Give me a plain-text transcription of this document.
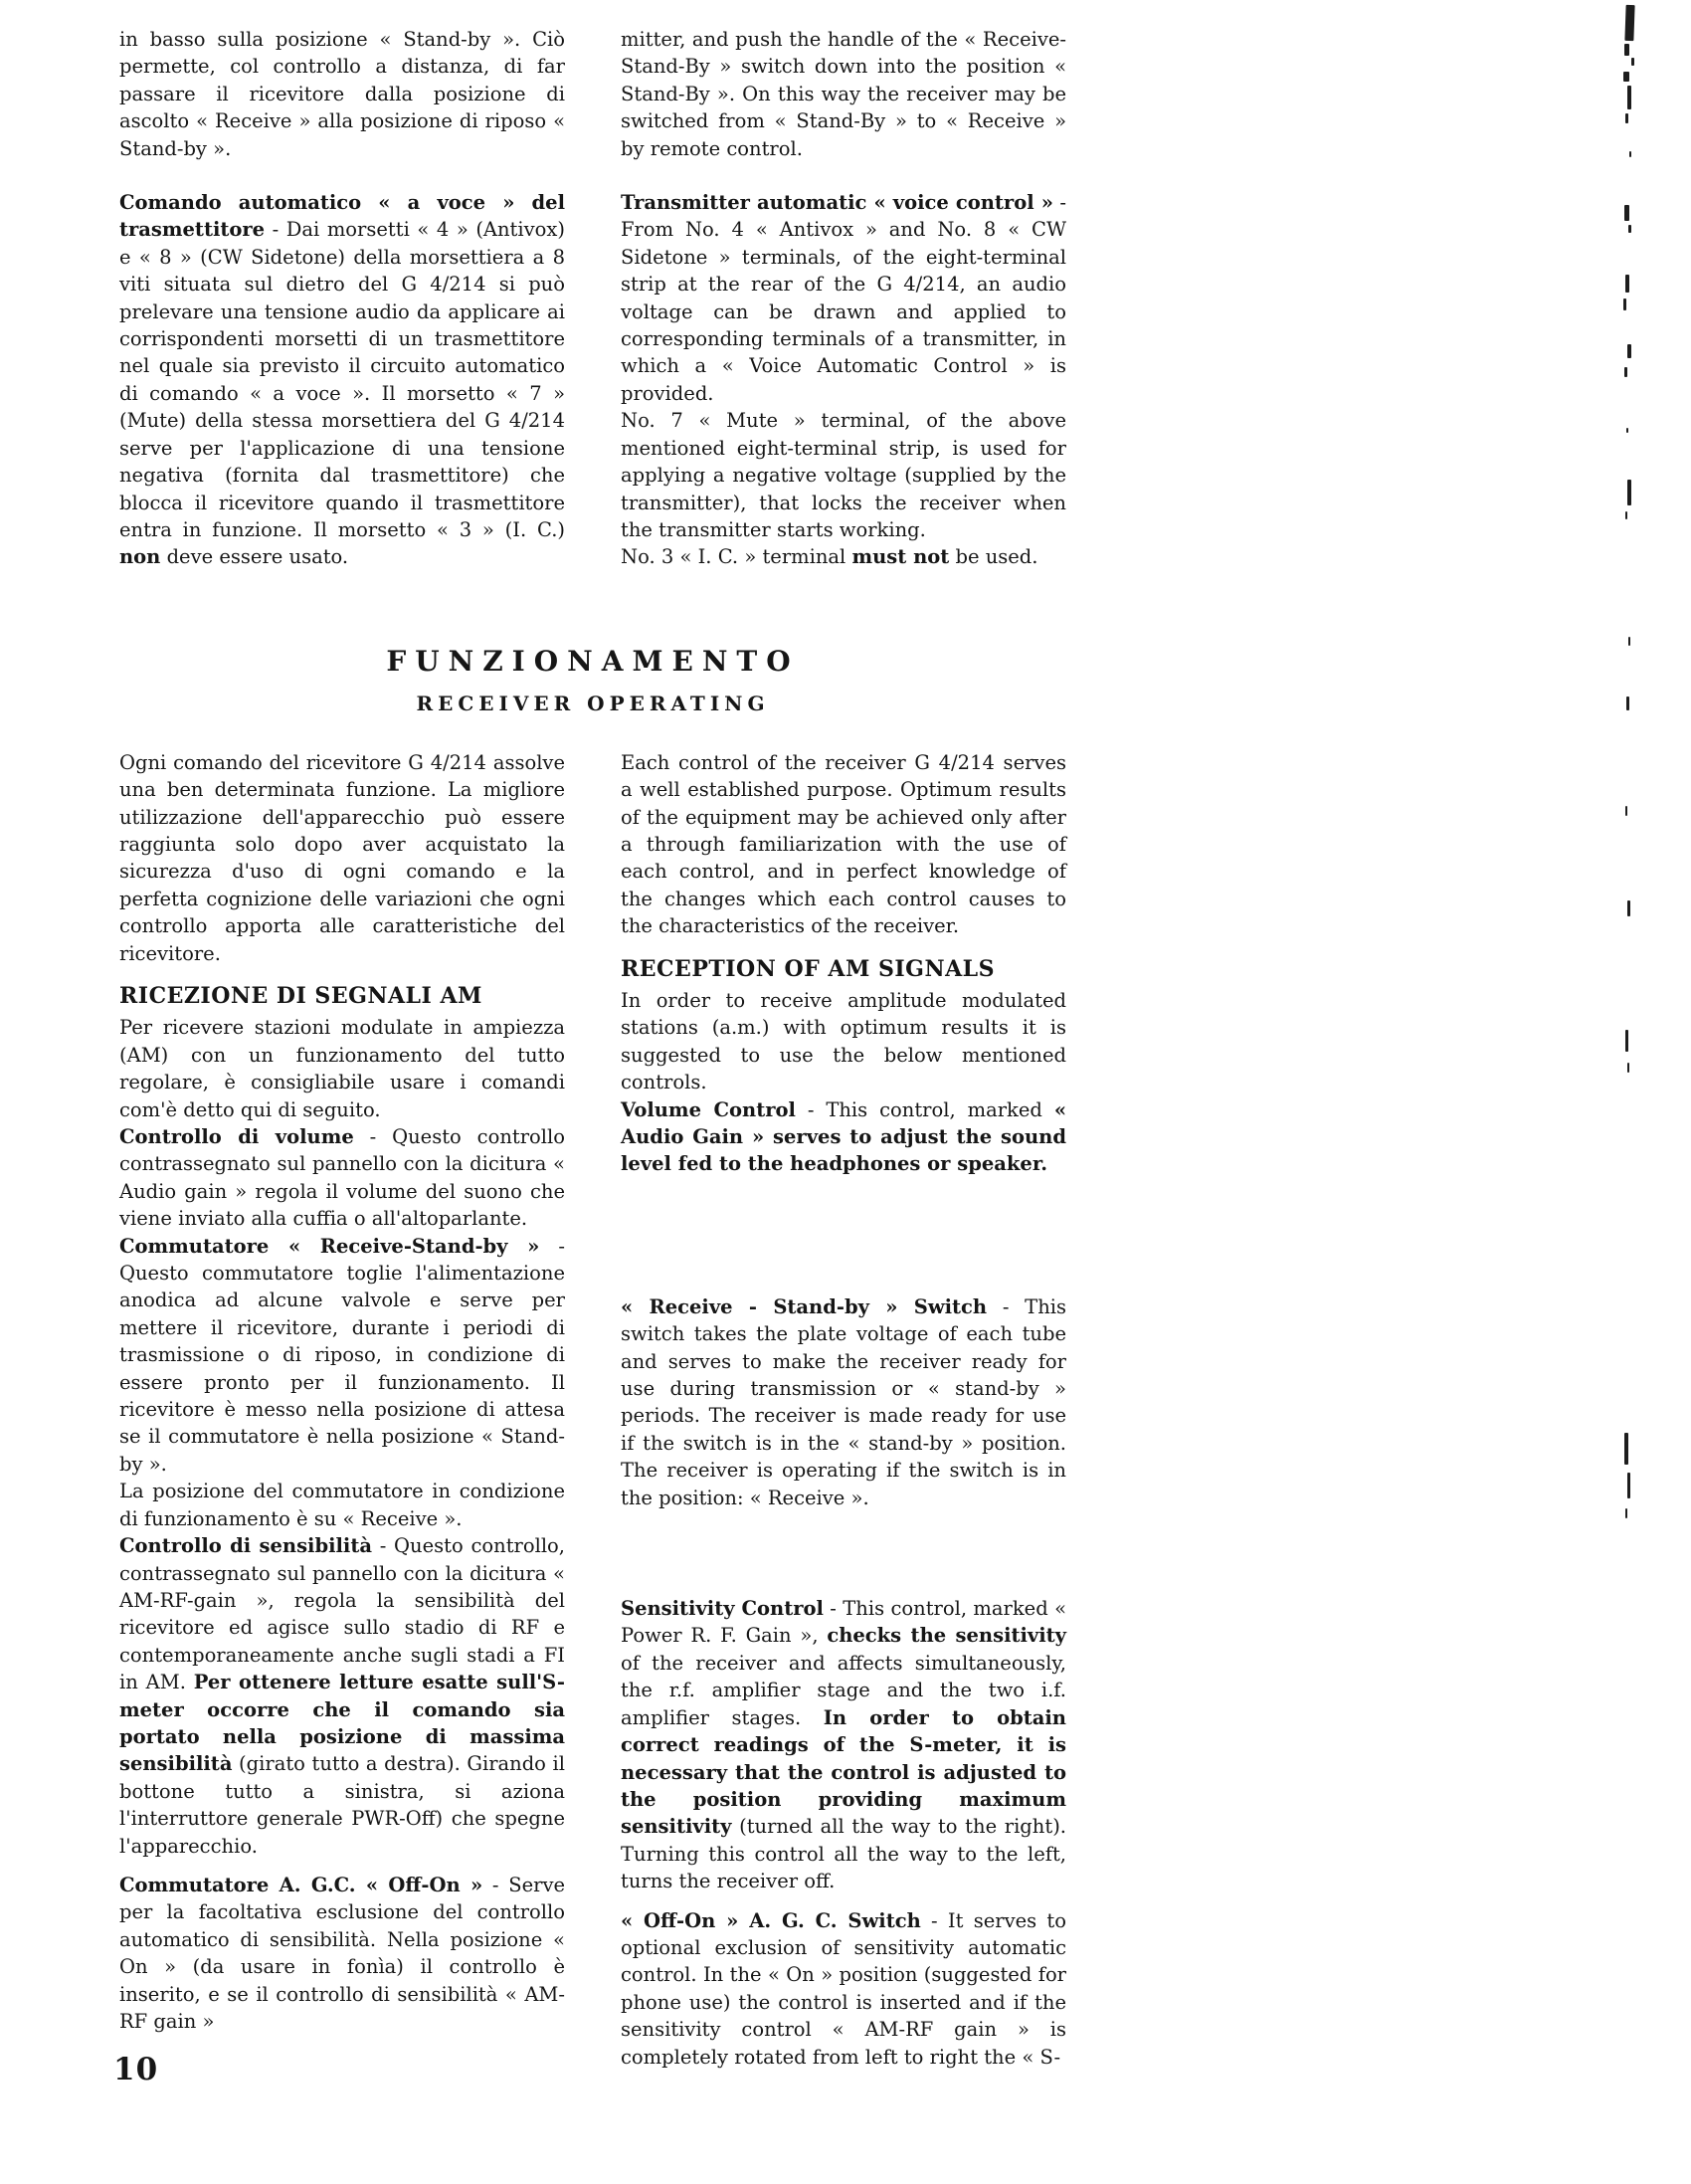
in basso sulla posizione « Stand-by ». Ciò permette, col controllo a distanza, di far passare il ricevitore dalla posizione di ascolto « Receive » alla posizione di riposo « Stand-by ».

Comando automatico « a voce » del trasmettitore - Dai morsetti « 4 » (Antivox) e « 8 » (CW Sidetone) della morsettiera a 8 viti situata sul dietro del G 4/214 si può prelevare una tensione audio da applicare ai corrispondenti morsetti di un trasmettitore nel quale sia previsto il circuito automatico di comando « a voce ». Il morsetto « 7 » (Mute) della stessa morsettiera del G 4/214 serve per l'applicazione di una tensione negativa (fornita dal trasmettitore) che blocca il ricevitore quando il trasmettitore entra in funzione. Il morsetto « 3 » (I. C.) non deve essere usato.

mitter, and push the handle of the « Receive-Stand-By » switch down into the position « Stand-By ». On this way the receiver may be switched from « Stand-By » to « Receive » by remote control.

Transmitter automatic « voice control » - From No. 4 « Antivox » and No. 8 « CW Sidetone » terminals, of the eight-terminal strip at the rear of the G 4/214, an audio voltage can be drawn and applied to corresponding terminals of a transmitter, in which a « Voice Automatic Control » is provided.

No. 7 « Mute » terminal, of the above mentioned eight-terminal strip, is used for applying a negative voltage (supplied by the transmitter), that locks the receiver when the transmitter starts working.

No. 3 « I. C. » terminal must not be used.

FUNZIONAMENTO
RECEIVER OPERATING

Ogni comando del ricevitore G 4/214 assolve una ben determinata funzione. La migliore utilizzazione dell'apparecchio può essere raggiunta solo dopo aver acquistato la sicurezza d'uso di ogni comando e la perfetta cognizione delle variazioni che ogni controllo apporta alle caratteristiche del ricevitore.

RICEZIONE DI SEGNALI AM

Per ricevere stazioni modulate in ampiezza (AM) con un funzionamento del tutto regolare, è consigliabile usare i comandi com'è detto qui di seguito.

Controllo di volume - Questo controllo contrassegnato sul pannello con la dicitura « Audio gain » regola il volume del suono che viene inviato alla cuffia o all'altoparlante.

Commutatore « Receive-Stand-by » - Questo commutatore toglie l'alimentazione anodica ad alcune valvole e serve per mettere il ricevitore, durante i periodi di trasmissione o di riposo, in condizione di essere pronto per il funzionamento. Il ricevitore è messo nella posizione di attesa se il commutatore è nella posizione « Stand-by ».

La posizione del commutatore in condizione di funzionamento è su « Receive ».

Controllo di sensibilità - Questo controllo, contrassegnato sul pannello con la dicitura « AM-RF-gain », regola la sensibilità del ricevitore ed agisce sullo stadio di RF e contemporaneamente anche sugli stadi a FI in AM. Per ottenere letture esatte sull'S-meter occorre che il comando sia portato nella posizione di massima sensibilità (girato tutto a destra). Girando il bottone tutto a sinistra, si aziona l'interruttore generale PWR-Off) che spegne l'apparecchio.

Commutatore A. G.C. « Off-On » - Serve per la facoltativa esclusione del controllo automatico di sensibilità. Nella posizione « On » (da usare in fonìa) il controllo è inserito, e se il controllo di sensibilità « AM-RF gain »

Each control of the receiver G 4/214 serves a well established purpose. Optimum results of the equipment may be achieved only after a through familiarization with the use of each control, and in perfect knowledge of the changes which each control causes to the characteristics of the receiver.

RECEPTION OF AM SIGNALS

In order to receive amplitude modulated stations (a.m.) with optimum results it is suggested to use the below mentioned controls.

Volume Control - This control, marked « Audio Gain » serves to adjust the sound level fed to the headphones or speaker.

« Receive - Stand-by » Switch - This switch takes the plate voltage of each tube and serves to make the receiver ready for use during transmission or « stand-by » periods. The receiver is made ready for use if the switch is in the « stand-by » position. The receiver is operating if the switch is in the position: « Receive ».

Sensitivity Control - This control, marked « Power R. F. Gain », checks the sensitivity of the receiver and affects simultaneously, the r.f. amplifier stage and the two i.f. amplifier stages. In order to obtain correct readings of the S-meter, it is necessary that the control is adjusted to the position providing maximum sensitivity (turned all the way to the right). Turning this control all the way to the left, turns the receiver off.

« Off-On » A. G. C. Switch - It serves to optional exclusion of sensitivity automatic control. In the « On » position (suggested for phone use) the control is inserted and if the sensitivity control « AM-RF gain » is completely rotated from left to right the « S-

10
